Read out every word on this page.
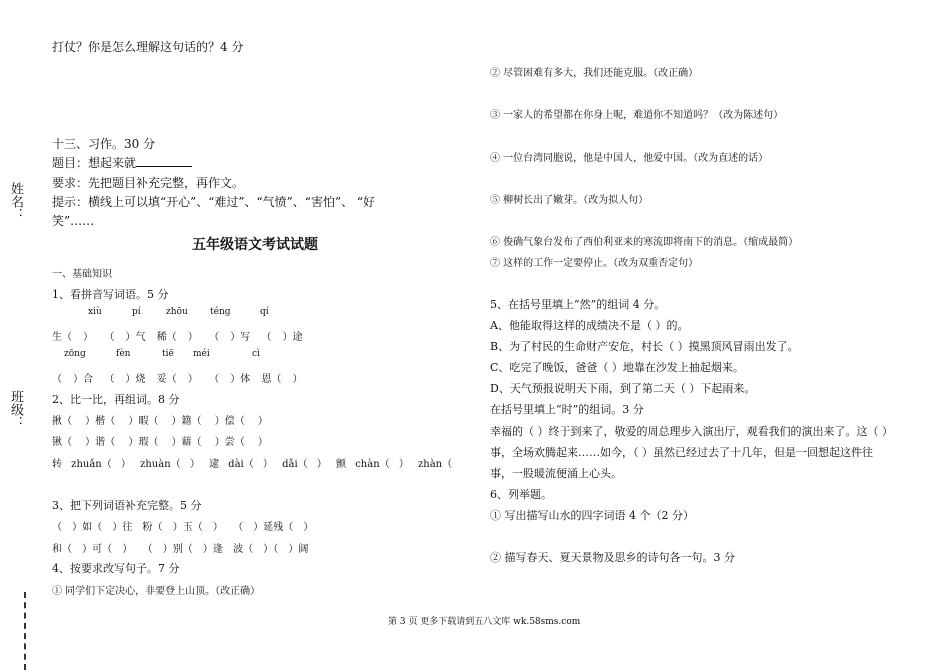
姓名：
班级：
打仗？你是怎么理解这句话的？4 分
十三、习作。30 分
题目：想起来就
要求：先把题目补充完整，再作文。
提示：横线上可以填“开心”、“难过”、“气愤”、“害怕”、 “好
笑”……
五年级语文考试试题
一、基础知识
1、看拼音写词语。5 分
xiù	pí	zhōu téng	qí
生（ ） （ ）气 稀（ ） （ ）写 （ ）途
zōng	fèn	tiē méi	cì
（ ）合 （ ）烧 妥（ ） （ ）体 恩（ ）
2、比一比，再组词。8 分
揪（ ）楷（ ）暇（ ）籍（ ）偿（ ）
锹（ ）谐（ ）瑕（ ）藉（ ）尝（ ）
转 zhuǎn（ ） zhuàn（ ） 逮 dài（ ） dǎi（ ） 颤 chàn（ ） zhàn（
3、把下列词语补充完整。5 分
（ ）如（ ）往 粉（ ）玉（ ） （ ）延残（ ）
和（ ）可（ ） （ ）别（ ）逢 波（ ）（ ）阔
4、按要求改写句子。7 分
① 同学们下定决心，非要登上山顶。（改正确）
② 尽管困难有多大，我们还能克服。（改正确）
③ 一家人的希望都在你身上呢，难道你不知道吗？（改为陈述句）
④ 一位台湾同胞说，他是中国人，他爱中国。（改为直述的话）
⑤ 柳树长出了嫩芽。（改为拟人句）
⑥ 俊确气象台发布了西伯利亚来的寒流即将南下的消息。（缩成最简）
⑦ 这样的工作一定要停止。（改为双重否定句）
5、在括号里填上“然”的组词 4 分。
A、他能取得这样的成绩决不是（ ）的。
B、为了村民的生命财产安危，村长（ ）摸黑顶风冒雨出发了。
C、吃完了晚饭，爸爸（ ）地靠在沙发上抽起烟来。
D、天气预报说明天下雨，到了第二天（ ）下起雨来。
在括号里填上“时”的组词。3 分
幸福的（ ）终于到来了，敬爱的周总理步入演出厅，观看我们的演出来了。这（ ）
事，全场欢腾起来……如今，（ ）虽然已经过去了十几年，但是一回想起这件往
事，一股暖流便涌上心头。
6、列举题。
① 写出描写山水的四字词语 4 个（2 分）
② 描写春天、夏天景物及思乡的诗句各一句。3 分
第 3 页 更多下载请到五八文库 wk.58sms.com
